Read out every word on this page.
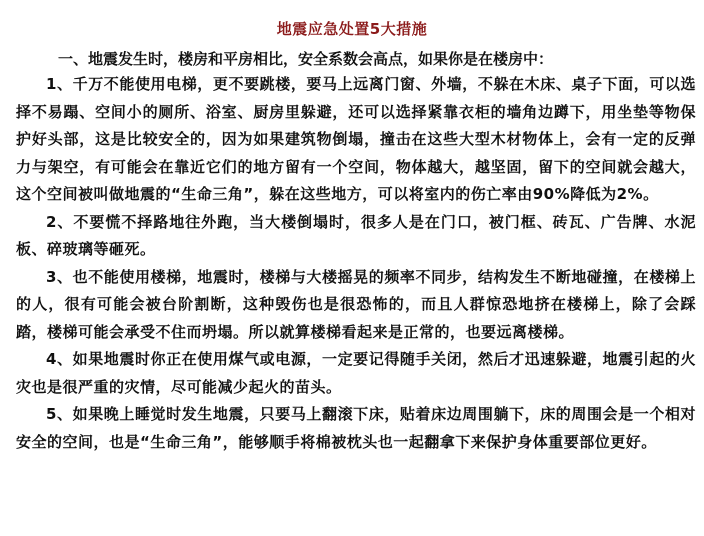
地震应急处置5大措施
一、地震发生时，楼房和平房相比，安全系数会高点，如果你是在楼房中：

1、千万不能使用电梯，更不要跳楼，要马上远离门窗、外墙，不躲在木床、桌子下面，可以选择不易蹋、空间小的厕所、浴室、厨房里躲避，还可以选择紧靠衣柜的墙角边蹲下，用坐垫等物保护好头部，这是比较安全的，因为如果建筑物倒塌，撞击在这些大型木材物体上，会有一定的反弹力与架空，有可能会在靠近它们的地方留有一个空间，物体越大，越坚固，留下的空间就会越大，这个空间被叫做地震的“生命三角”，躲在这些地方，可以将室内的伤亡率由90%降低为2%。

2、不要慌不择路地往外跑，当大楼倒塌时，很多人是在门口，被门框、砖瓦、广告牌、水泥板、碎玻璃等砸死。

3、也不能使用楼梯，地震时，楼梯与大楼摇晃的频率不同步，结构发生不断地碰撞，在楼梯上的人，很有可能会被台阶割断，这种毁伤也是很恐怖的，而且人群惊恐地挤在楼梯上，除了会踩踏，楼梯可能会承受不住而坍塌。所以就算楼梯看起来是正常的，也要远离楼梯。

4、如果地震时你正在使用煤气或电源，一定要记得随手关闭，然后才迅速躲避，地震引起的火灾也是很严重的灾情，尽可能减少起火的苗头。

5、如果晚上睡觉时发生地震，只要马上翻滚下床，贴着床边周围躺下，床的周围会是一个相对安全的空间，也是“生命三角”，能够顺手将棉被枕头也一起翻拿下来保护身体重要部位更好。
